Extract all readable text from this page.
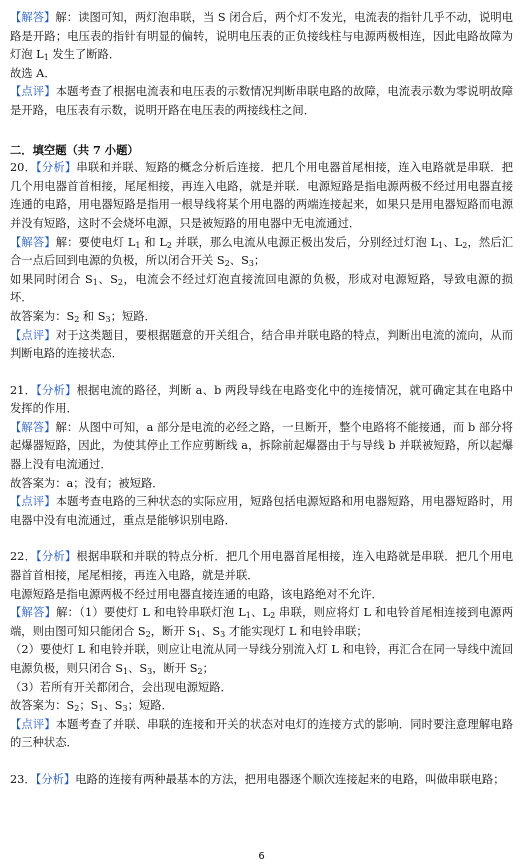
【解答】解：读图可知，两灯泡串联，当 S 闭合后，两个灯不发光，电流表的指针几乎不动，说明电路是开路；电压表的指针有明显的偏转，说明电压表的正负接线柱与电源两极相连，因此电路故障为灯泡 $L_1$ 发生了断路．

故选 A．

【点评】本题考查了根据电流表和电压表的示数情况判断串联电路的故障，电流表示数为零说明故障是开路，电压表有示数，说明开路在电压表的两接线柱之间．

二．填空题（共 7 小题）

20．【分析】串联和并联、短路的概念分析后连接．把几个用电器首尾相接，连入电路就是串联．把几个用电器首首相接，尾尾相接，再连入电路，就是并联．电源短路是指电源两极不经过用电器直接连通的电路，用电器短路是指用一根导线将某个用电器的两端连接起来，如果只是用电器短路而电源并没有短路，这时不会烧坏电源，只是被短路的用电器中无电流通过．

【解答】解：要使电灯 $L_1$ 和 $L_2$ 并联，那么电流从电源正极出发后，分别经过灯泡 $L_1$、$L_2$，然后汇合一点后回到电源的负极，所以闭合开关 $S_2$、$S_3$；

如果同时闭合 $S_1$、$S_2$，电流会不经过灯泡直接流回电源的负极，形成对电源短路，导致电源的损坏．

故答案为：$S_2$ 和 $S_3$；短路．

【点评】对于这类题目，要根据题意的开关组合，结合串并联电路的特点，判断出电流的流向，从而判断电路的连接状态．

21．【分析】根据电流的路径，判断 a、b 两段导线在电路变化中的连接情况，就可确定其在电路中发挥的作用．

【解答】解：从图中可知，a 部分是电流的必经之路，一旦断开，整个电路将不能接通，而 b 部分将起爆器短路，因此，为使其停止工作应剪断线 a，拆除前起爆器由于与导线 b 并联被短路，所以起爆器上没有电流通过．

故答案为：a；没有；被短路．

【点评】本题考查电路的三种状态的实际应用，短路包括电源短路和用电器短路，用电器短路时，用电器中没有电流通过，重点是能够识别电路．

22．【分析】根据串联和并联的特点分析．把几个用电器首尾相接，连入电路就是串联．把几个用电器首首相接，尾尾相接，再连入电路，就是并联．

电源短路是指电源两极不经过用电器直接连通的电路，该电路绝对不允许．

【解答】解：（1）要使灯 L 和电铃串联灯泡 $L_1$、$L_2$ 串联，则应将灯 L 和电铃首尾相连接到电源两端，则由图可知只能闭合 $S_2$，断开 $S_1$、$S_3$ 才能实现灯 L 和电铃串联；

（2）要使灯 L 和电铃并联，则应让电流从同一导线分别流入灯 L 和电铃，再汇合在同一导线中流回电源负极，则只闭合 $S_1$、$S_3$，断开 $S_2$；

（3）若所有开关都闭合，会出现电源短路．

故答案为：$S_2$；$S_1$、$S_3$；短路．

【点评】本题考查了并联、串联的连接和开关的状态对电灯的连接方式的影响．同时要注意理解电路的三种状态．

23．【分析】电路的连接有两种最基本的方法，把用电器逐个顺次连接起来的电路，叫做串联电路；

6
